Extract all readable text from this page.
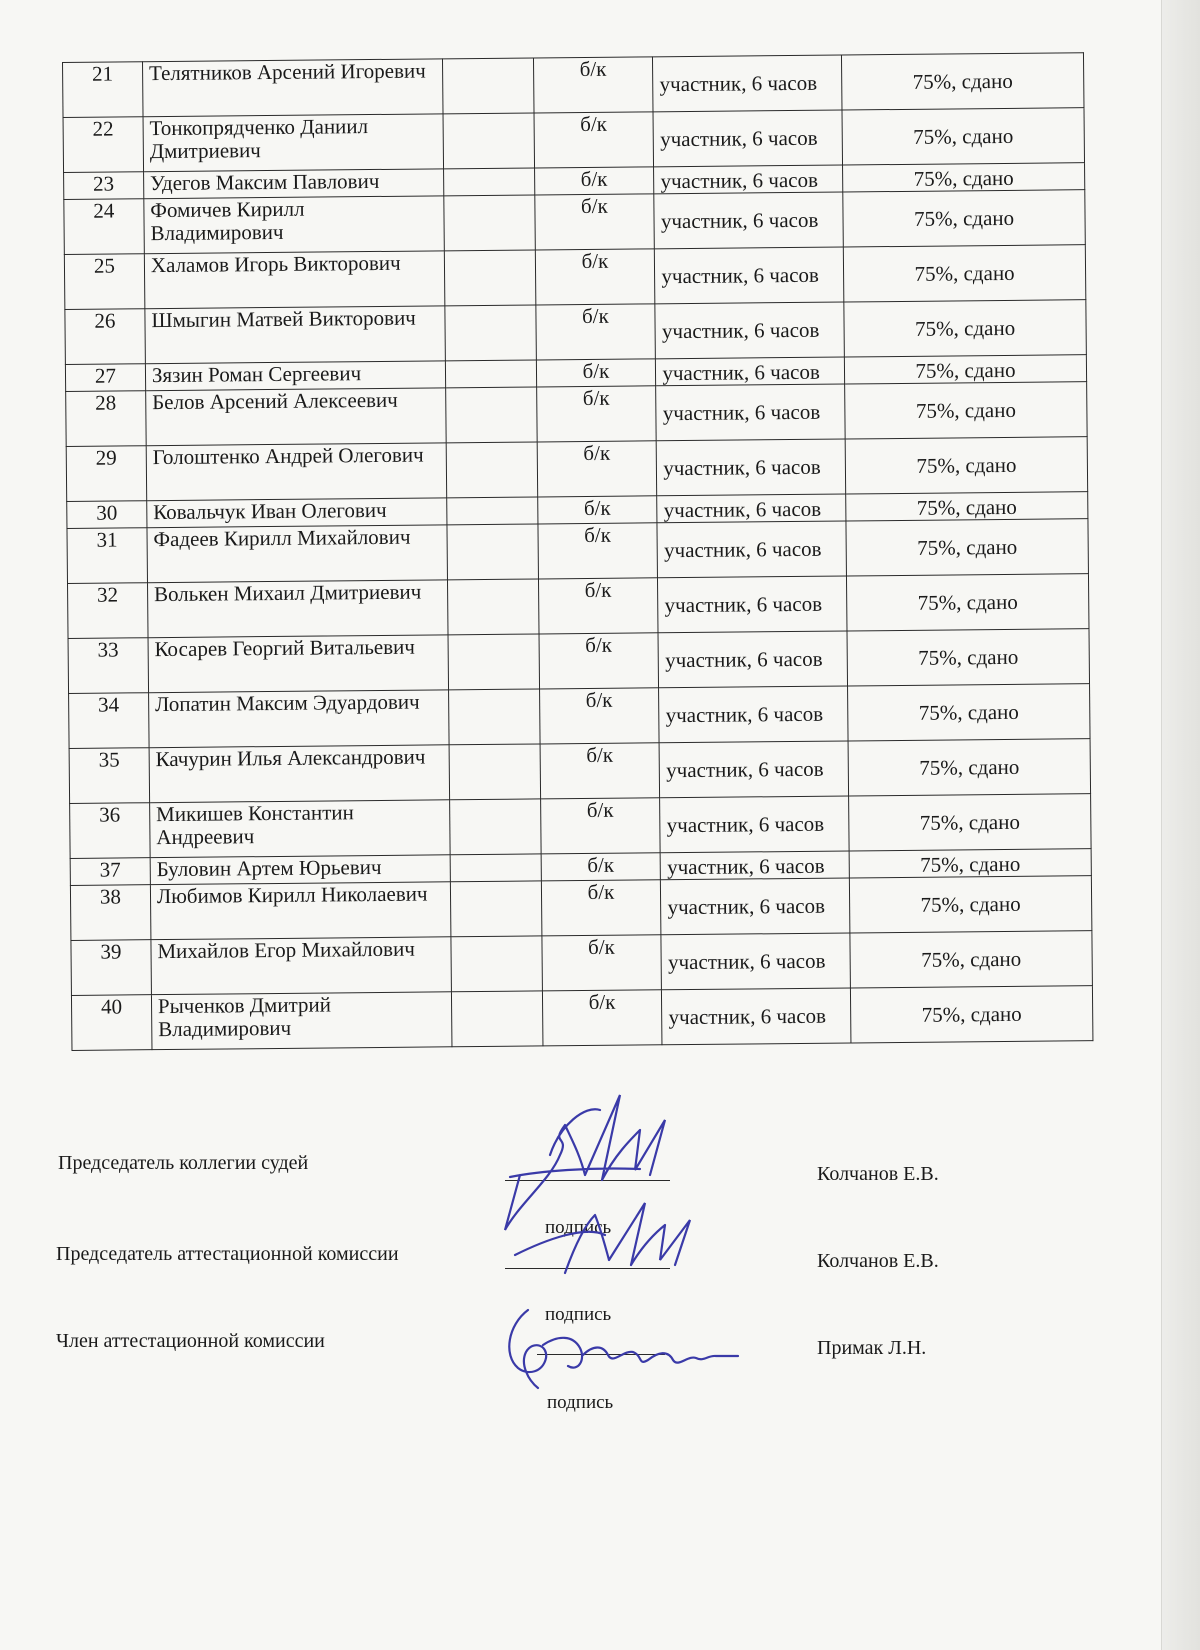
21	Телятников Арсений Игоревич		б/к	участник, 6 часов	75%, сдано

22	Тонкопрядченко Даниил Дмитриевич		б/к	участник, 6 часов	75%, сдано

23	Удегов Максим Павлович		б/к	участник, 6 часов	75%, сдано

24	Фомичев Кирилл Владимирович		б/к	участник, 6 часов	75%, сдано

25	Халамов Игорь Викторович		б/к	участник, 6 часов	75%, сдано

26	Шмыгин Матвей Викторович		б/к	участник, 6 часов	75%, сдано

27	Зязин Роман Сергеевич		б/к	участник, 6 часов	75%, сдано

28	Белов Арсений Алексеевич		б/к	участник, 6 часов	75%, сдано

29	Голоштенко Андрей Олегович		б/к	участник, 6 часов	75%, сдано

30	Ковальчук Иван Олегович		б/к	участник, 6 часов	75%, сдано

31	Фадеев Кирилл Михайлович		б/к	участник, 6 часов	75%, сдано

32	Волькен Михаил Дмитриевич		б/к	участник, 6 часов	75%, сдано

33	Косарев Георгий Витальевич		б/к	участник, 6 часов	75%, сдано

34	Лопатин Максим Эдуардович		б/к	участник, 6 часов	75%, сдано

35	Качурин Илья Александрович		б/к	участник, 6 часов	75%, сдано

36	Микишев Константин Андреевич		б/к	участник, 6 часов	75%, сдано

37	Буловин Артем Юрьевич		б/к	участник, 6 часов	75%, сдано

38	Любимов Кирилл Николаевич		б/к	участник, 6 часов	75%, сдано

39	Михайлов Егор Михайлович		б/к	участник, 6 часов	75%, сдано

40	Рыченков Дмитрий Владимирович		б/к	участник, 6 часов	75%, сдано
Председатель коллегии судей	Колчанов Е.В.
подпись
Председатель аттестационной комиссии	Колчанов Е.В.
подпись
Член аттестационной комиссии	Примак Л.Н.
подпись
